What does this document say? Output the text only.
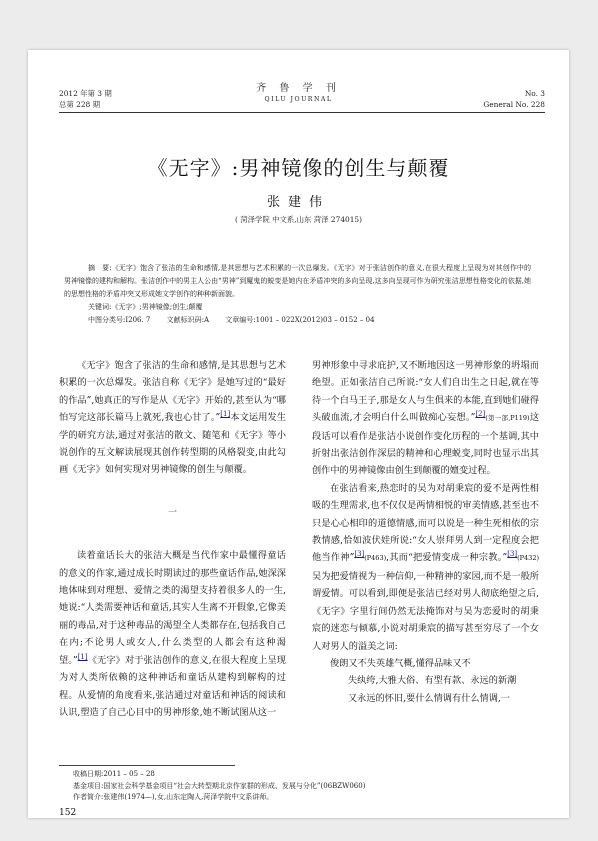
2012 年第 3 期
总第 228 期
齐 鲁 学 刊
QILU JOURNAL
No. 3
General No. 228
《无字》:男神镜像的创生与颠覆
张建伟
( 菏泽学院 中文系,山东 菏泽 274015)

摘　要:《无字》饱含了张洁的生命和感情,是其思想与艺术积累的一次总爆发。《无字》对于张洁创作的意义,在很大程度上呈现为对其创作中的男神镜像的建构和解构。张洁创作中的男主人公由“男神”到魔鬼的蜕变是她内在矛盾冲突的多向呈现,这多向呈现可作为研究张洁思想性格变化的依据,她的思想性格的矛盾冲突又形成她文学创作的种种新面貌。

关键词:《无字》;男神镜像;创生;颠覆

中图分类号:I206. 7 文献标识码:A 文章编号:1001 – 022X(2012)03 – 0152 – 04

《无字》饱含了张洁的生命和感情,是其思想与艺术积累的一次总爆发。张洁自称《无字》是她写过的“最好的作品”,她真正的写作是从《无字》开始的,甚至认为“哪怕写完这部长篇马上就死,我也心甘了。”[1]本文运用发生学的研究方法,通过对张洁的散文、随笔和《无字》等小说创作的互文解读展现其创作转型期的风格裂变,由此勾画《无字》如何实现对男神镜像的创生与颠覆。

一

读着童话长大的张洁大概是当代作家中最懂得童话的意义的作家,通过成长时期读过的那些童话作品,她深深地体味到对理想、爱情之类的渴望支持着很多人的一生,她说:“人类需要神话和童话,其实人生离不开假象,它像美丽的毒品,对于这种毒品的渴望全人类都存在,包括我自己在内;不论男人或女人,什么类型的人都会有这种渴望。”[1]《无字》对于张洁创作的意义,在很大程度上呈现为对人类所依赖的这种神话和童话从建构到解构的过程。从爱情的角度看来,张洁通过对童话和神话的阅读和认识,塑造了自己心目中的男神形象,她不断试图从这一

男神形象中寻求庇护,又不断地因这一男神形象的坍塌而绝望。正如张洁自己所说:“女人们自出生之日起,就在等待一个白马王子,那是女人与生俱来的本能,直到她们碰得头破血流,才会明白什么叫做痴心妄想。”[2](第一部,P119)这段话可以看作是张洁小说创作变化历程的一个基调,其中折射出张洁创作深层的精神和心理蜕变,同时也显示出其创作中的男神镜像由创生到颠覆的嬗变过程。

在张洁看来,热恋时的吴为对胡秉宸的爱不是两性相吸的生理需求,也不仅仅是两情相悦的审美情感,甚至也不只是心心相印的道德情感,而可以说是一种生死相依的宗教情感,恰如波伏娃所说:“女人崇拜男人到一定程度会把他当作神”[3](P463),其而“把爱情变成一种宗教。”[3](P432)吴为把爱情视为一种信仰,一种精神的家园,而不是一般所谓爱情。可以看到,即便是张洁已经对男人彻底绝望之后,《无字》字里行间仍然无法掩饰对与吴为恋爱时的胡秉宸的迷恋与倾慕,小说对胡秉宸的描写甚至穷尽了一个女人对男人的溢美之词:

俊朗又不失英雄气概,懂得品味又不

失纨绔,大雅大俗、有型有款、永远的新潮

又永远的怀旧,要什么情调有什么情调,一

收稿日期:2011 – 05 – 28

基金项目:国家社会科学基金项目“社会大转型期北京作家群的形成、发展与分化”(06BZW060)

作者简介:张建伟(1974—),女,山东定陶人,菏泽学院中文系讲师。

152
